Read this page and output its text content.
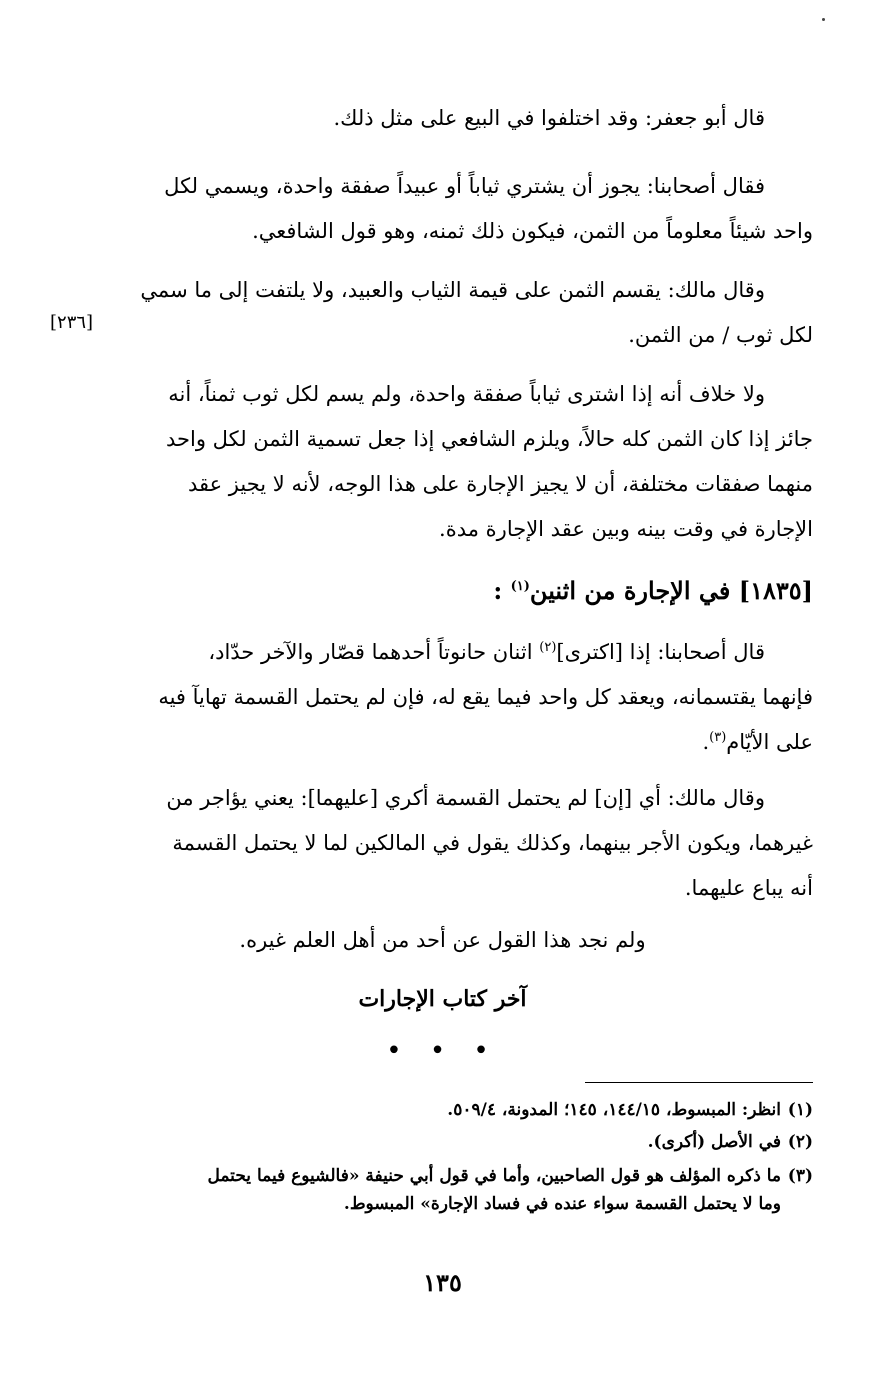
قال أبو جعفر: وقد اختلفوا في البيع على مثل ذلك.
فقال أصحابنا: يجوز أن يشتري ثياباً أو عبيداً صفقة واحدة، ويسمي لكل
واحد شيئاً معلوماً من الثمن، فيكون ذلك ثمنه، وهو قول الشافعي.
وقال مالك: يقسم الثمن على قيمة الثياب والعبيد، ولا يلتفت إلى ما سمي
لكل ثوب / من الثمن.
[٢٣٦]
ولا خلاف أنه إذا اشترى ثياباً صفقة واحدة، ولم يسم لكل ثوب ثمناً، أنه
جائز إذا كان الثمن كله حالاً، ويلزم الشافعي إذا جعل تسمية الثمن لكل واحد
منهما صفقات مختلفة، أن لا يجيز الإجارة على هذا الوجه، لأنه لا يجيز عقد
الإجارة في وقت بينه وبين عقد الإجارة مدة.
[١٨٣٥] في الإجارة من اثنين$^{(١)}$ :
قال أصحابنا: إذا [اكترى]$^{(٢)}$ اثنان حانوتاً أحدهما قصّار والآخر حدّاد،
فإنهما يقتسمانه، ويعقد كل واحد فيما يقع له، فإن لم يحتمل القسمة تهايآ فيه
على الأيّام$^{(٣)}$.
وقال مالك: أي [إن] لم يحتمل القسمة أكري [عليهما]: يعني يؤاجر من
غيرهما، ويكون الأجر بينهما، وكذلك يقول في المالكين لما لا يحتمل القسمة
أنه يباع عليهما.
ولم نجد هذا القول عن أحد من أهل العلم غيره.
آخر كتاب الإجارات
• • •
(١)انظر: المبسوط، ١٤٤/١٥، ١٤٥؛ المدونة، ٥٠٩/٤.
(٢)في الأصل (أكرى).
(٣)ما ذكره المؤلف هو قول الصاحبين، وأما في قول أبي حنيفة «فالشيوع فيما يحتمل
وما لا يحتمل القسمة سواء عنده في فساد الإجارة» المبسوط.
١٣٥
